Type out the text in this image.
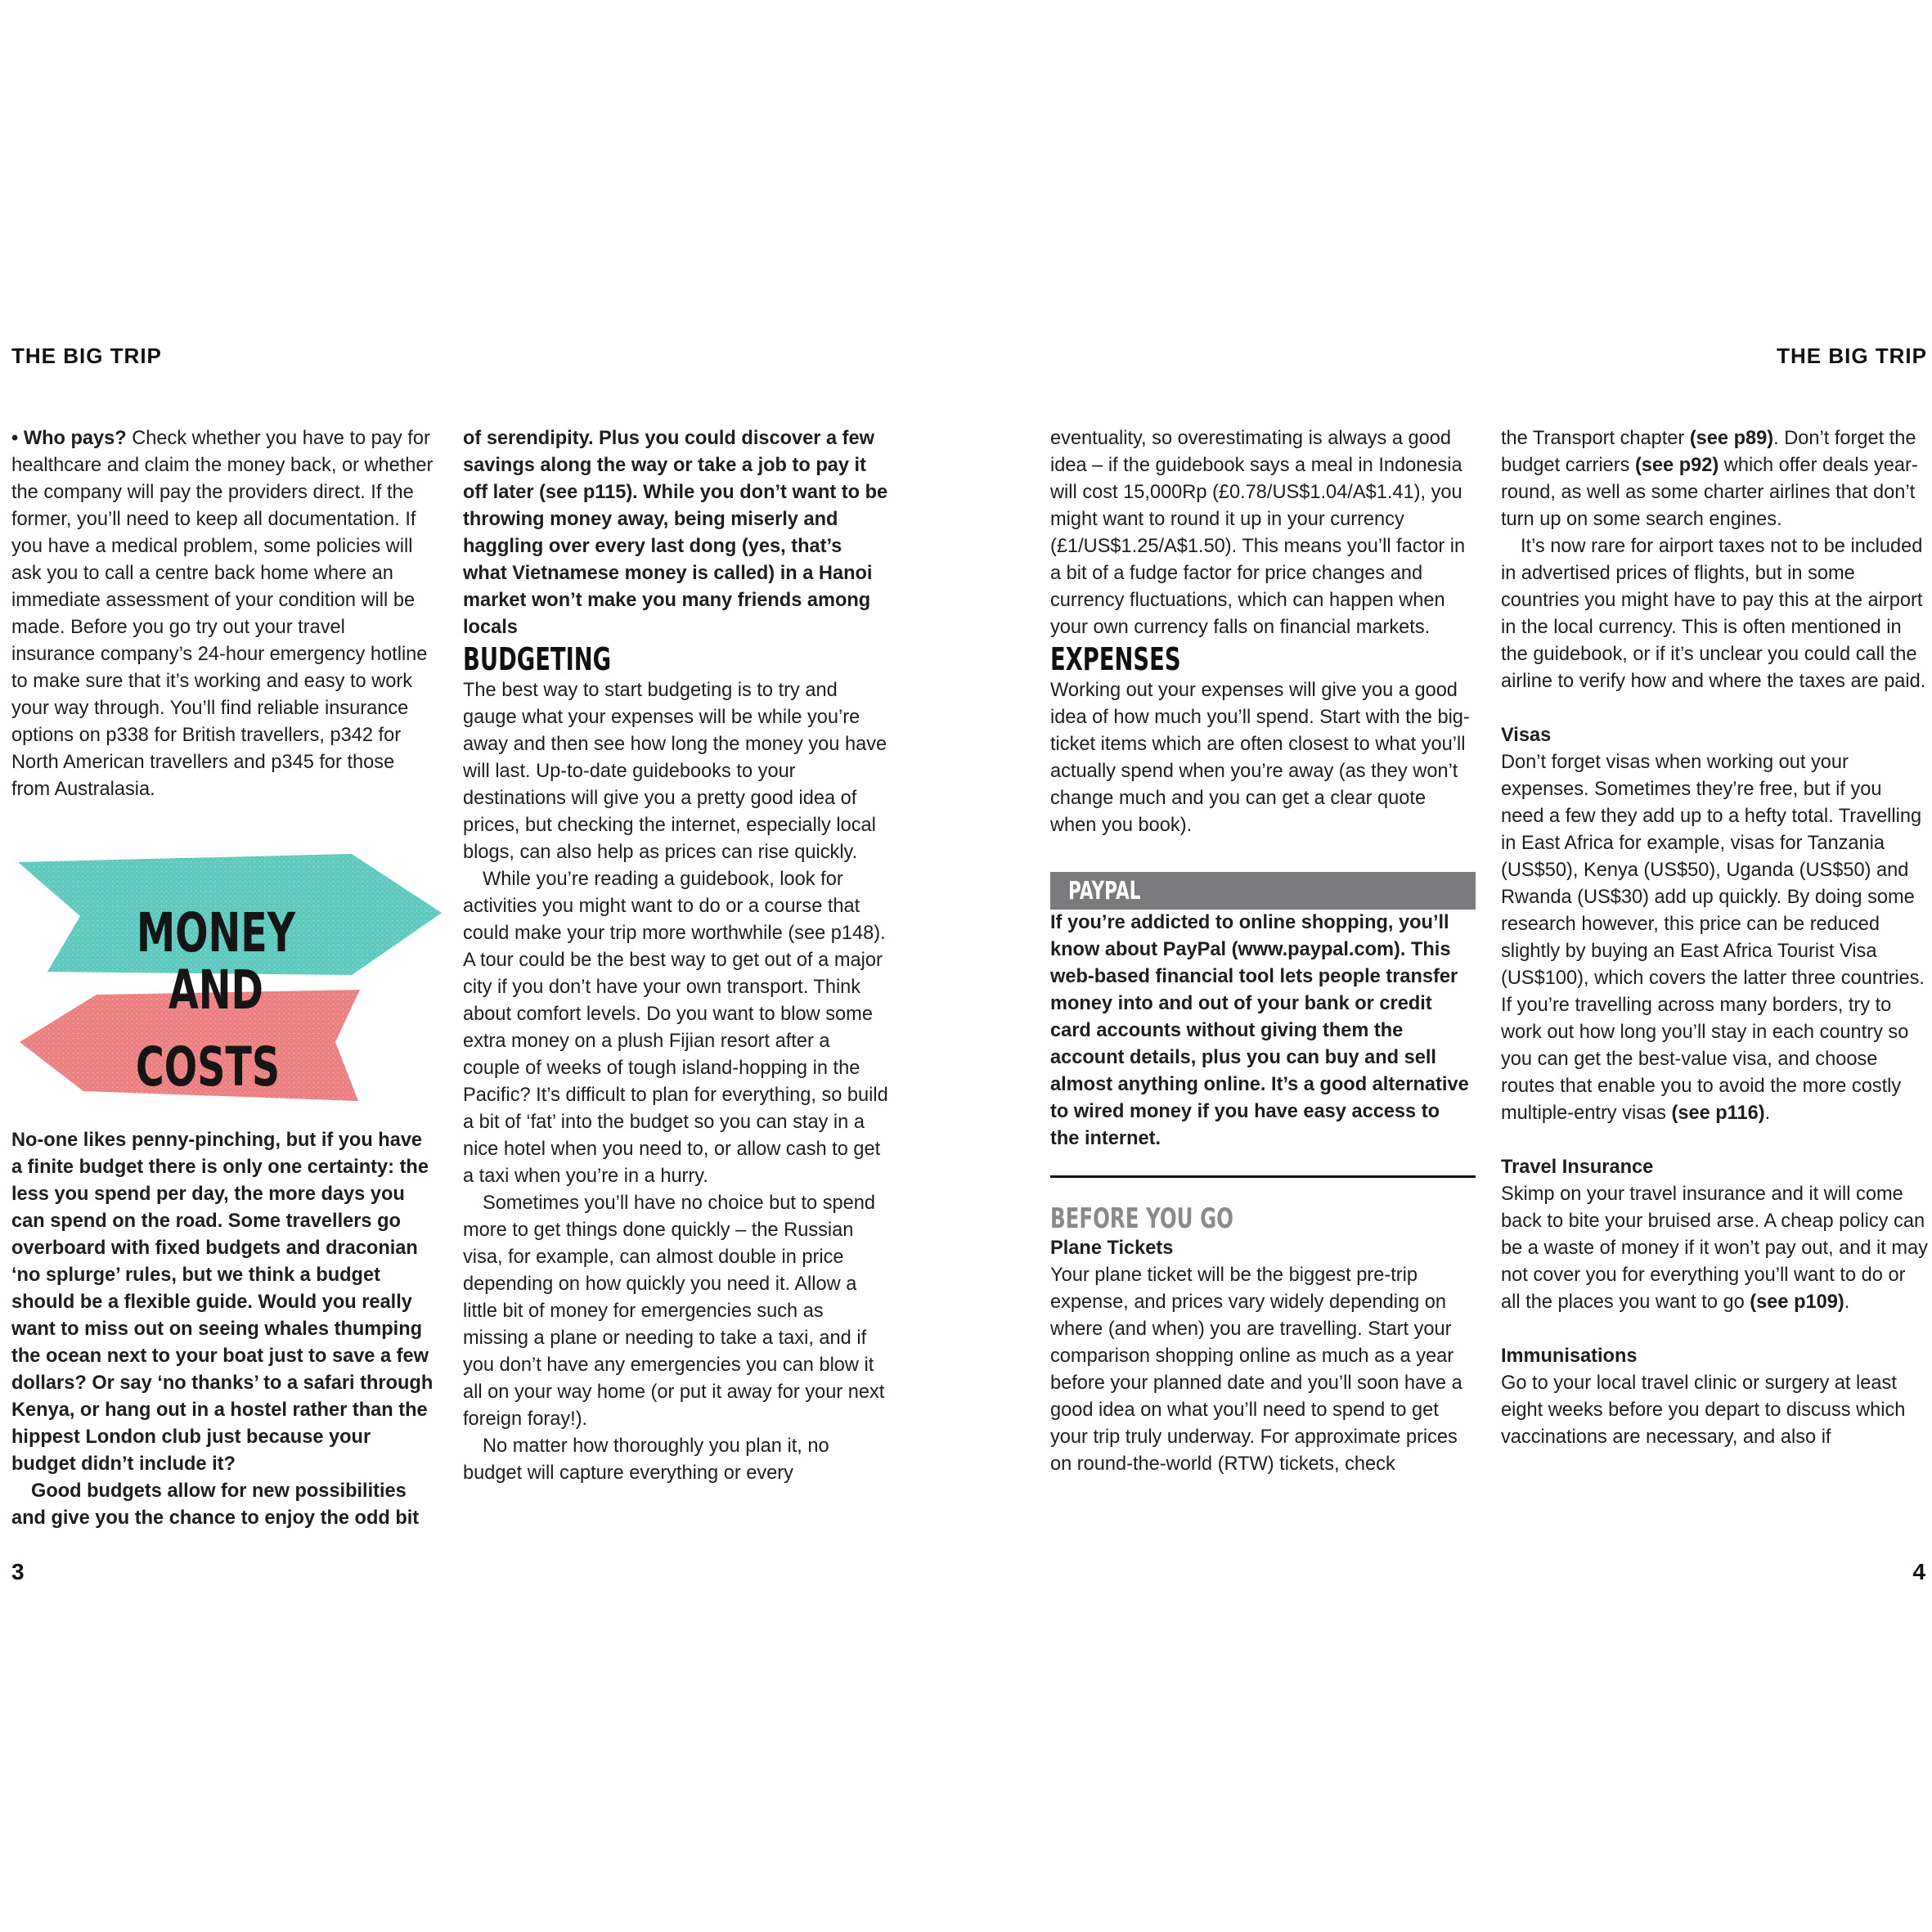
THE BIG TRIP	THE BIG TRIP

• Who pays? Check whether you have to pay for healthcare and claim the money back, or whether the company will pay the providers direct. If the former, you’ll need to keep all documentation. If you have a medical problem, some policies will ask you to call a centre back home where an immediate assessment of your condition will be made. Before you go try out your travel insurance company’s 24-hour emergency hotline to make sure that it’s working and easy to work your way through. You’ll find reliable insurance options on p338 for British travellers, p342 for North American travellers and p345 for those from Australasia.

MONEY AND
COSTS

No-one likes penny-pinching, but if you have a finite budget there is only one certainty: the less you spend per day, the more days you can spend on the road. Some travellers go overboard with fixed budgets and draconian ‘no splurge’ rules, but we think a budget should be a flexible guide. Would you really want to miss out on seeing whales thumping the ocean next to your boat just to save a few dollars? Or say ‘no thanks’ to a safari through Kenya, or hang out in a hostel rather than the hippest London club just because your budget didn’t include it?

Good budgets allow for new possibilities and give you the chance to enjoy the odd bit

of serendipity. Plus you could discover a few savings along the way or take a job to pay it off later (see p115). While you don’t want to be throwing money away, being miserly and haggling over every last dong (yes, that’s what Vietnamese money is called) in a Hanoi market won’t make you many friends among locals

BUDGETING

The best way to start budgeting is to try and gauge what your expenses will be while you’re away and then see how long the money you have will last. Up-to-date guidebooks to your destinations will give you a pretty good idea of prices, but checking the internet, especially local blogs, can also help as prices can rise quickly.

While you’re reading a guidebook, look for activities you might want to do or a course that could make your trip more worthwhile (see p148). A tour could be the best way to get out of a major city if you don’t have your own transport. Think about comfort levels. Do you want to blow some extra money on a plush Fijian resort after a couple of weeks of tough island-hopping in the Pacific? It’s difficult to plan for everything, so build a bit of ‘fat’ into the budget so you can stay in a nice hotel when you need to, or allow cash to get a taxi when you’re in a hurry.

Sometimes you’ll have no choice but to spend more to get things done quickly – the Russian visa, for example, can almost double in price depending on how quickly you need it. Allow a little bit of money for emergencies such as missing a plane or needing to take a taxi, and if you don’t have any emergencies you can blow it all on your way home (or put it away for your next foreign foray!).

No matter how thoroughly you plan it, no budget will capture everything or every

eventuality, so overestimating is always a good idea – if the guidebook says a meal in Indonesia will cost 15,000Rp (£0.78/US$1.04/A$1.41), you might want to round it up in your currency (£1/US$1.25/A$1.50). This means you’ll factor in a bit of a fudge factor for price changes and currency fluctuations, which can happen when your own currency falls on financial markets.

EXPENSES

Working out your expenses will give you a good idea of how much you’ll spend. Start with the big-ticket items which are often closest to what you’ll actually spend when you’re away (as they won’t change much and you can get a clear quote when you book).

PAYPAL

If you’re addicted to online shopping, you’ll know about PayPal (www.paypal.com). This web-based financial tool lets people transfer money into and out of your bank or credit card accounts without giving them the account details, plus you can buy and sell almost anything online. It’s a good alternative to wired money if you have easy access to the internet.

BEFORE YOU GO

Plane Tickets

Your plane ticket will be the biggest pre-trip expense, and prices vary widely depending on where (and when) you are travelling. Start your comparison shopping online as much as a year before your planned date and you’ll soon have a good idea on what you’ll need to spend to get your trip truly underway. For approximate prices on round-the-world (RTW) tickets, check

the Transport chapter (see p89). Don’t forget the budget carriers (see p92) which offer deals year-round, as well as some charter airlines that don’t turn up on some search engines.

It’s now rare for airport taxes not to be included in advertised prices of flights, but in some countries you might have to pay this at the airport in the local currency. This is often mentioned in the guidebook, or if it’s unclear you could call the airline to verify how and where the taxes are paid.

Visas

Don’t forget visas when working out your expenses. Sometimes they’re free, but if you need a few they add up to a hefty total. Travelling in East Africa for example, visas for Tanzania (US$50), Kenya (US$50), Uganda (US$50) and Rwanda (US$30) add up quickly. By doing some research however, this price can be reduced slightly by buying an East Africa Tourist Visa (US$100), which covers the latter three countries. If you’re travelling across many borders, try to work out how long you’ll stay in each country so you can get the best-value visa, and choose routes that enable you to avoid the more costly multiple-entry visas (see p116).

Travel Insurance

Skimp on your travel insurance and it will come back to bite your bruised arse. A cheap policy can be a waste of money if it won’t pay out, and it may not cover you for everything you’ll want to do or all the places you want to go (see p109).

Immunisations

Go to your local travel clinic or surgery at least eight weeks before you depart to discuss which vaccinations are necessary, and also if

3	4
